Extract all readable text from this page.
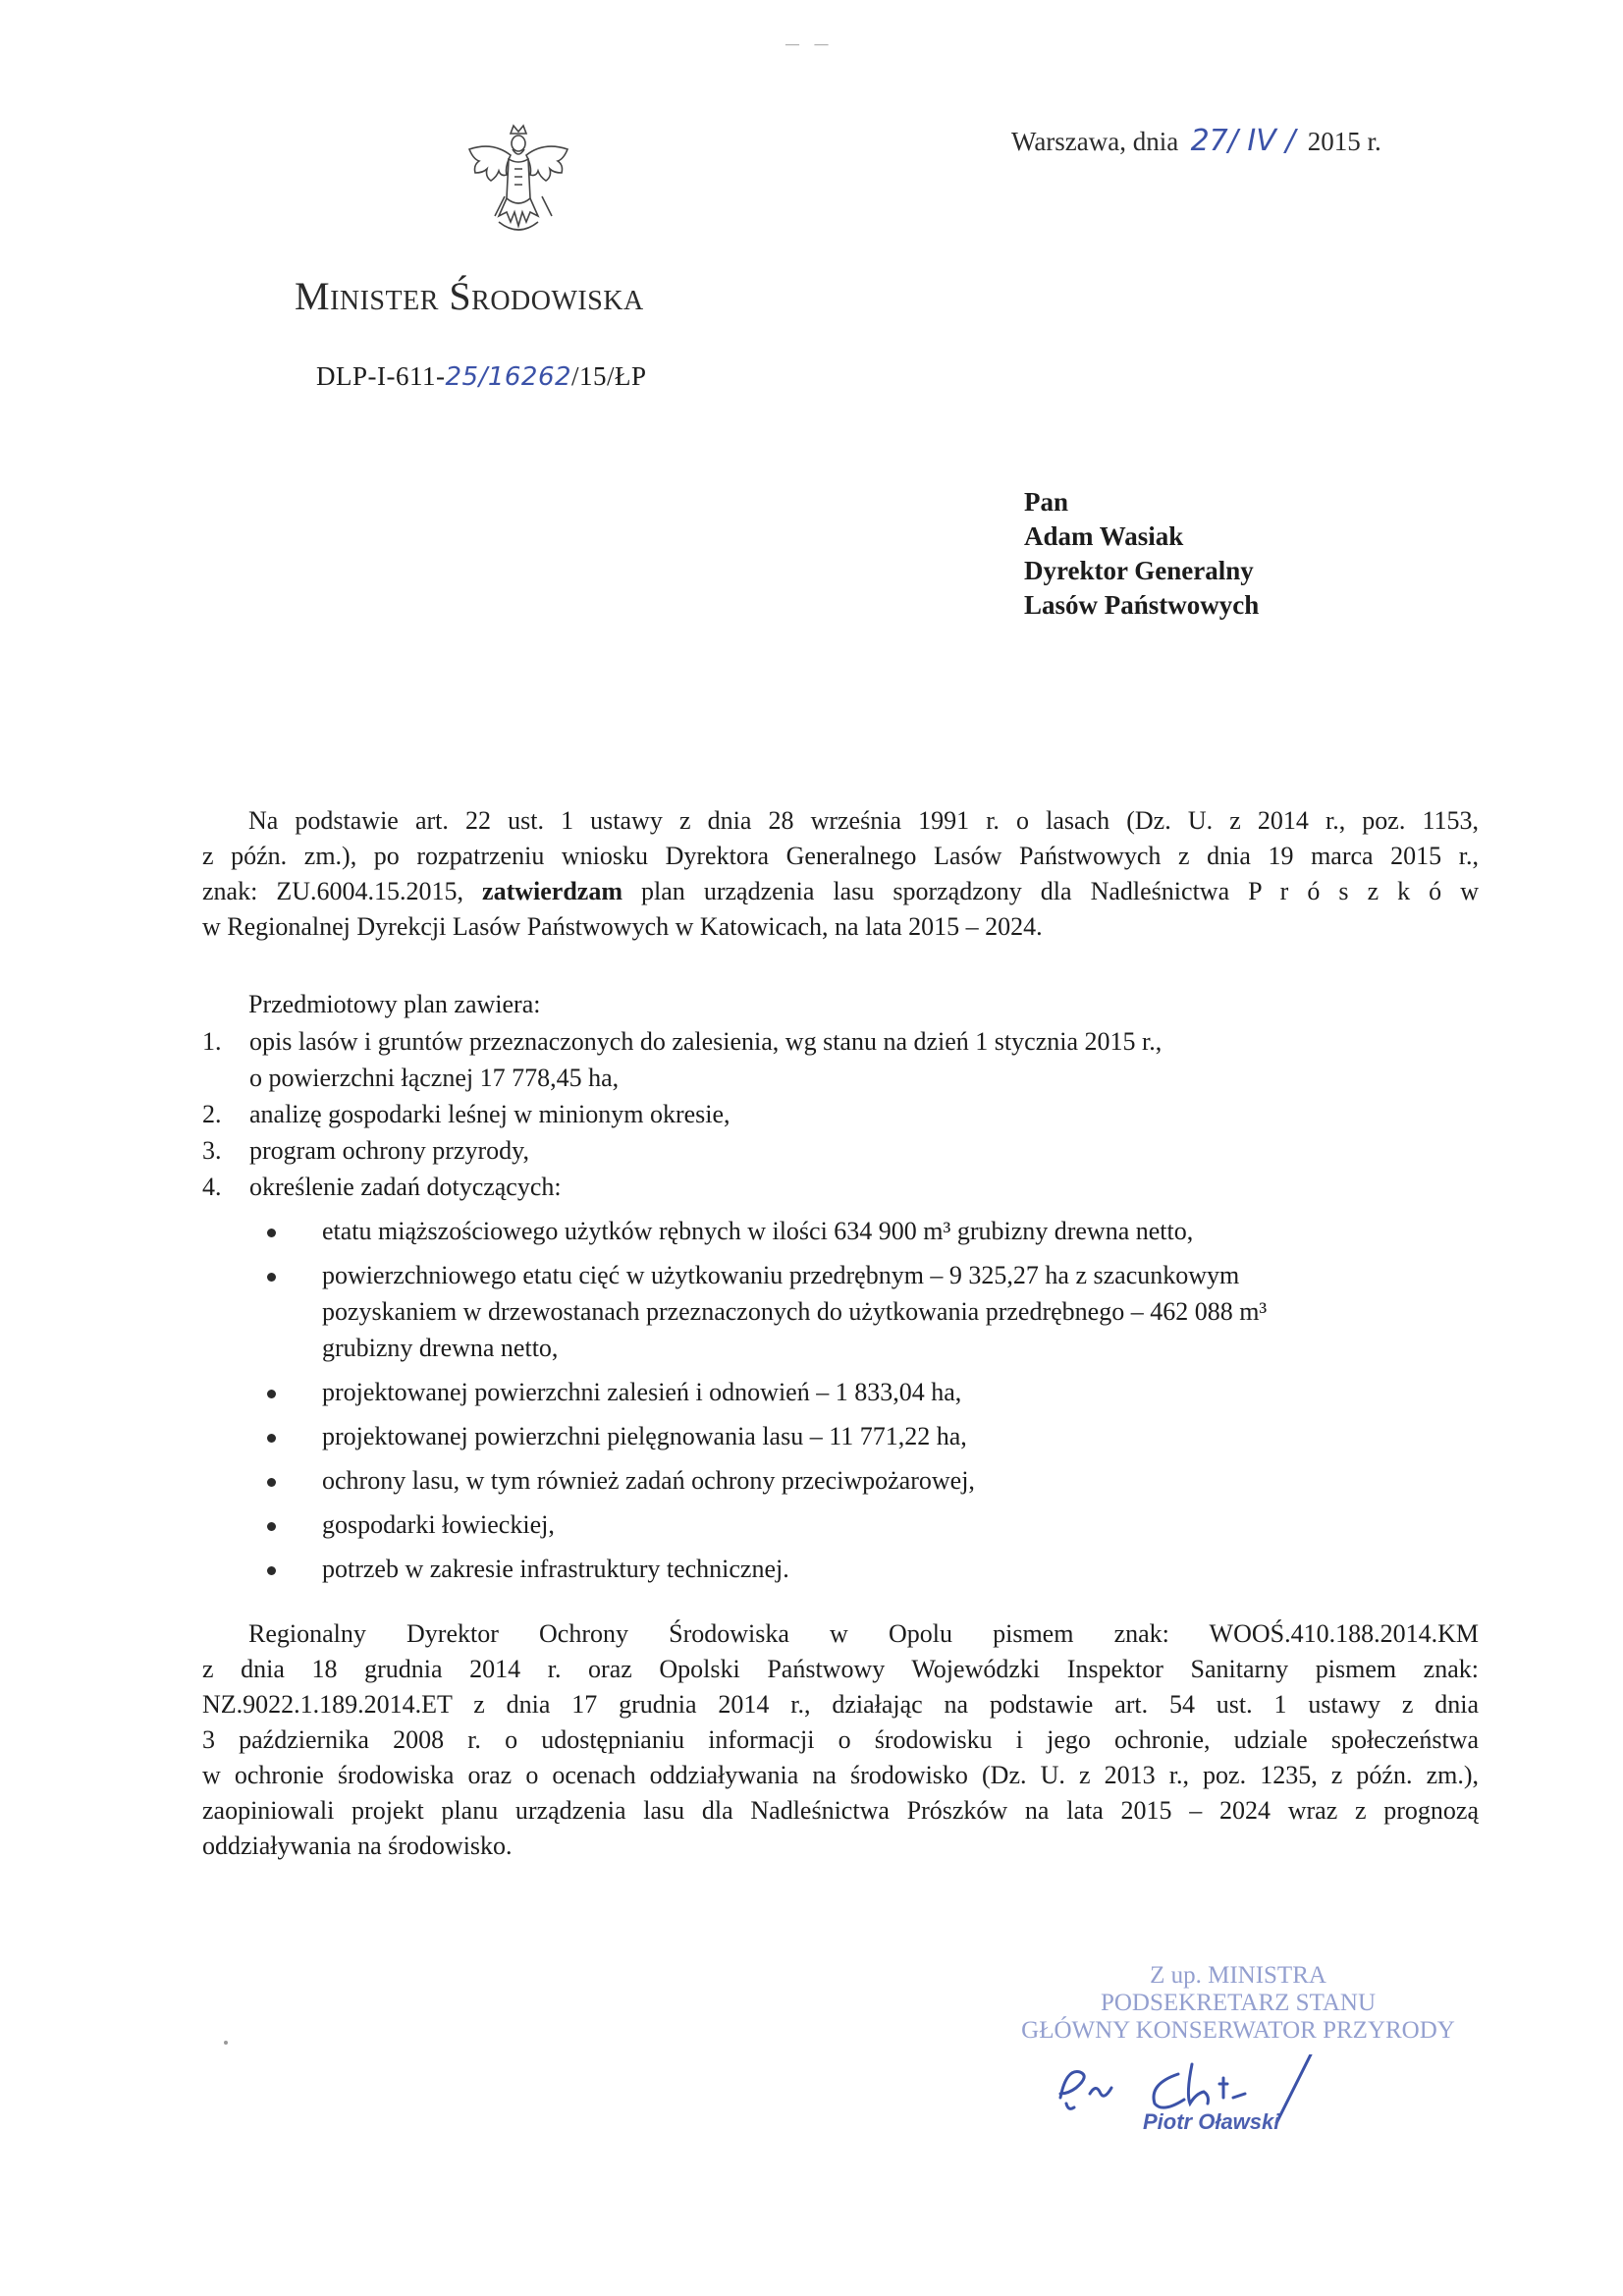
— —
Warszawa, dnia 27/ IV / 2015 r.
Minister Środowiska
DLP-I-611-25/16262/15/ŁP
Pan
Adam Wasiak
Dyrektor Generalny
Lasów Państwowych
Na podstawie art. 22 ust. 1 ustawy z dnia 28 września 1991 r. o lasach (Dz. U. z 2014 r., poz. 1153,
z późn. zm.), po rozpatrzeniu wniosku Dyrektora Generalnego Lasów Państwowych z dnia 19 marca 2015 r.,
znak: ZU.6004.15.2015, zatwierdzam plan urządzenia lasu sporządzony dla Nadleśnictwa P r ó s z k ó w
w Regionalnej Dyrekcji Lasów Państwowych w Katowicach, na lata 2015 – 2024.
Przedmiotowy plan zawiera:
1.	opis lasów i gruntów przeznaczonych do zalesienia, wg stanu na dzień 1 stycznia 2015 r.,
o powierzchni łącznej 17 778,45 ha,
2.	analizę gospodarki leśnej w minionym okresie,
3.	program ochrony przyrody,
4.	określenie zadań dotyczących:
etatu miąższościowego użytków rębnych w ilości 634 900 m³ grubizny drewna netto,
powierzchniowego etatu cięć w użytkowaniu przedrębnym – 9 325,27 ha z szacunkowym
pozyskaniem w drzewostanach przeznaczonych do użytkowania przedrębnego – 462 088 m³
grubizny drewna netto,
projektowanej powierzchni zalesień i odnowień – 1 833,04 ha,
projektowanej powierzchni pielęgnowania lasu – 11 771,22 ha,
ochrony lasu, w tym również zadań ochrony przeciwpożarowej,
gospodarki łowieckiej,
potrzeb w zakresie infrastruktury technicznej.
Regionalny Dyrektor Ochrony Środowiska w Opolu pismem znak: WOOŚ.410.188.2014.KM
z dnia 18 grudnia 2014 r. oraz Opolski Państwowy Wojewódzki Inspektor Sanitarny pismem znak:
NZ.9022.1.189.2014.ET z dnia 17 grudnia 2014 r., działając na podstawie art. 54 ust. 1 ustawy z dnia
3 października 2008 r. o udostępnianiu informacji o środowisku i jego ochronie, udziale społeczeństwa
w ochronie środowiska oraz o ocenach oddziaływania na środowisko (Dz. U. z 2013 r., poz. 1235, z późn. zm.),
zaopiniowali projekt planu urządzenia lasu dla Nadleśnictwa Prószków na lata 2015 – 2024 wraz z prognozą
oddziaływania na środowisko.
Z up. MINISTRA
PODSEKRETARZ STANU
GŁÓWNY KONSERWATOR PRZYRODY
Piotr Oławski
